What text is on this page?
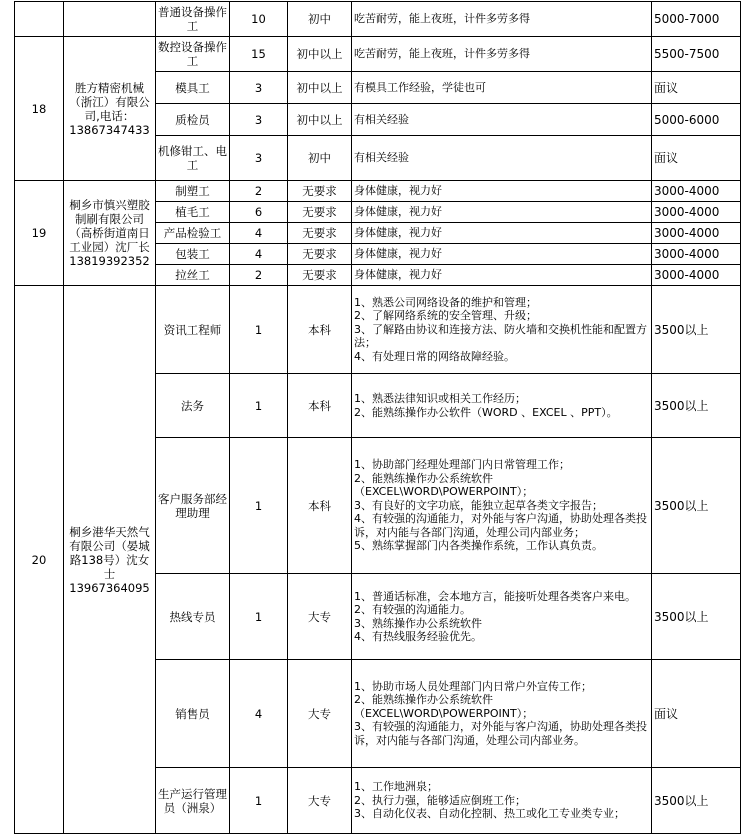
		普通设备操作工	10	初中	吃苦耐劳，能上夜班，计件多劳多得	5000-7000
18	胜方精密机械（浙江）有限公司,电话：13867347433	数控设备操作工	15	初中以上	吃苦耐劳，能上夜班，计件多劳多得	5500-7500
		模具工	3	初中以上	有模具工作经验，学徒也可	面议
		质检员	3	初中以上	有相关经验	5000-6000
		机修钳工、电工	3	初中	有相关经验	面议
19	桐乡市慎兴塑胶制刷有限公司（高桥街道南日工业园）沈厂长13819392352	制塑工	2	无要求	身体健康，视力好	3000-4000
		植毛工	6	无要求	身体健康，视力好	3000-4000
		产品检验工	4	无要求	身体健康，视力好	3000-4000
		包装工	4	无要求	身体健康，视力好	3000-4000
		拉丝工	2	无要求	身体健康，视力好	3000-4000
20	桐乡港华天然气有限公司（晏城路138号）沈女士13967364095	资讯工程师	1	本科	1、熟悉公司网络设备的维护和管理；
2、了解网络系统的安全管理、升级；
3、了解路由协议和连接方法、防火墙和交换机性能和配置方法；
4、有处理日常的网络故障经验。	3500以上
		法务	1	本科	1、熟悉法律知识或相关工作经历；
2、能熟练操作办公软件（WORD 、EXCEL 、PPT）。	3500以上
		客户服务部经理助理	1	本科	1、协助部门经理处理部门内日常管理工作；
2、能熟练操作办公系统软件（EXCEL\WORD\POWERPOINT）；
3、有良好的文字功底，能独立起草各类文字报告；
4、有较强的沟通能力，对外能与客户沟通，协助处理各类投诉，对内能与各部门沟通，处理公司内部业务；
5、熟练掌握部门内各类操作系统，工作认真负责。	3500以上
		热线专员	1	大专	1、普通话标准，会本地方言，能接听处理各类客户来电。
2、有较强的沟通能力。
3、熟练操作办公系统软件
4、有热线服务经验优先。	3500以上
		销售员	4	大专	1、协助市场人员处理部门内日常户外宣传工作；
2、能熟练操作办公系统软件（EXCEL\WORD\POWERPOINT）；
3、有较强的沟通能力，对外能与客户沟通，协助处理各类投诉，对内能与各部门沟通，处理公司内部业务。	面议
		生产运行管理员（洲泉）	1	大专	1、工作地洲泉；
2、执行力强，能够适应倒班工作；
3、自动化仪表、自动化控制、热工或化工专业类专业；	3500以上
